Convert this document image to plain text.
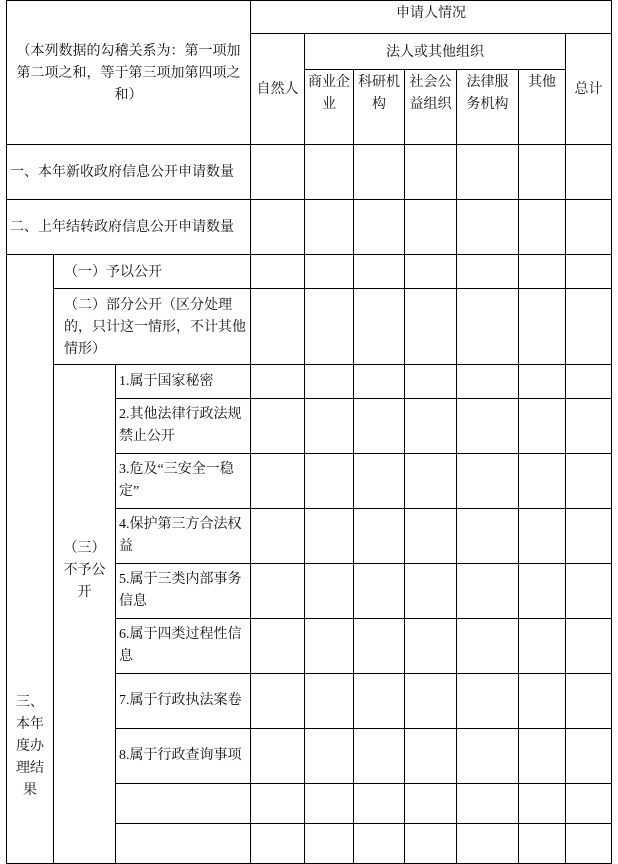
（本列数据的勾稽关系为：第一项加第二项之和，等于第三项加第四项之和）			申请人情况						
			自然人	法人或其他组织					总计
				商业企业	科研机构	社会公益组织	法律服务机构	其他	
一、本年新收政府信息公开申请数量									
二、上年结转政府信息公开申请数量									
三、本年度办理结果	（一）予以公开								
	（二）部分公开（区分处理的，只计这一情形，不计其他情形）								
	（三）不予公开	1.属于国家秘密							
		2.其他法律行政法规禁止公开							
		3.危及“三安全一稳定”							
		4.保护第三方合法权益							
		5.属于三类内部事务信息							
		6.属于四类过程性信息							
		7.属于行政执法案卷							
		8.属于行政查询事项							
